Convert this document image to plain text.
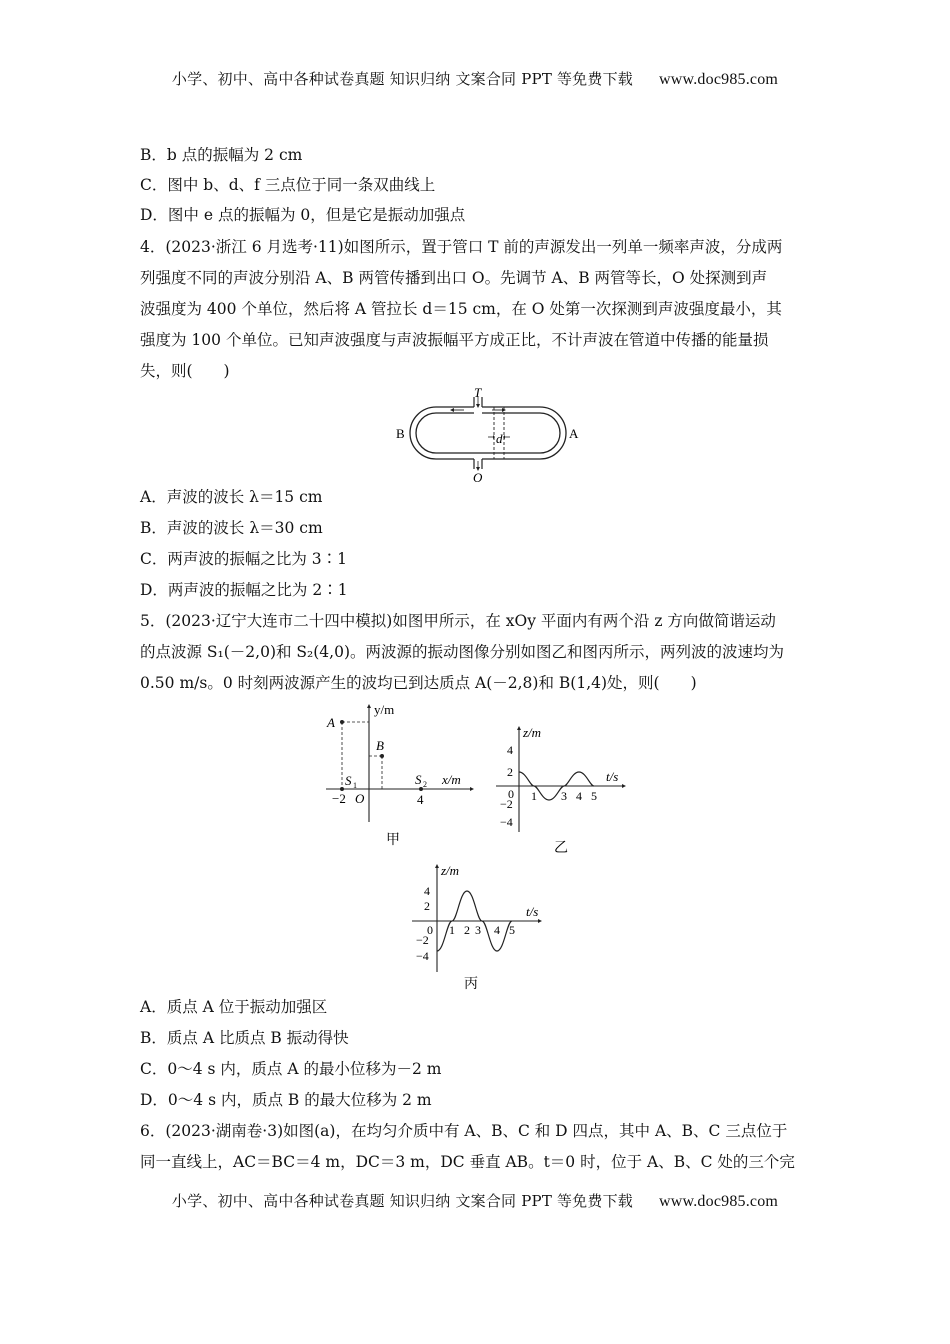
小学、初中、高中各种试卷真题 知识归纳 文案合同 PPT 等免费下载 www.doc985.com
B．b 点的振幅为 2 cm
C．图中 b、d、f 三点位于同一条双曲线上
D．图中 e 点的振幅为 0，但是它是振动加强点
4．(2023·浙江 6 月选考·11)如图所示，置于管口 T 前的声源发出一列单一频率声波，分成两
列强度不同的声波分别沿 A、B 两管传播到出口 O。先调节 A、B 两管等长，O 处探测到声
波强度为 400 个单位，然后将 A 管拉长 d＝15 cm，在 O 处第一次探测到声波强度最小，其
强度为 100 个单位。已知声波强度与声波振幅平方成正比，不计声波在管道中传播的能量损
失，则(　　)
d
T
O
B	A
A．声波的波长 λ＝15 cm
B．声波的波长 λ＝30 cm
C．两声波的振幅之比为 3∶1
D．两声波的振幅之比为 2∶1
5．(2023·辽宁大连市二十四中模拟)如图甲所示，在 xOy 平面内有两个沿 z 方向做简谐运动
的点波源 S₁(－2,0)和 S₂(4,0)。两波源的振动图像分别如图乙和图丙所示，两列波的波速均为
0.50 m/s。0 时刻两波源产生的波均已到达质点 A(－2,8)和 B(1,4)处，则(　　)
y/m
x/m
A
B
S 1	S 2
−2 O	4
甲
z/m
t/s
4
2
0
−2
−4
1 3 4 5
乙
z/m
t/s
4
2
0
−2
−4
1 2 3 4 5
丙
A．质点 A 位于振动加强区
B．质点 A 比质点 B 振动得快
C．0～4 s 内，质点 A 的最小位移为－2 m
D．0～4 s 内，质点 B 的最大位移为 2 m
6．(2023·湖南卷·3)如图(a)，在均匀介质中有 A、B、C 和 D 四点，其中 A、B、C 三点位于
同一直线上，AC＝BC＝4 m，DC＝3 m，DC 垂直 AB。t＝0 时，位于 A、B、C 处的三个完
小学、初中、高中各种试卷真题 知识归纳 文案合同 PPT 等免费下载 www.doc985.com
